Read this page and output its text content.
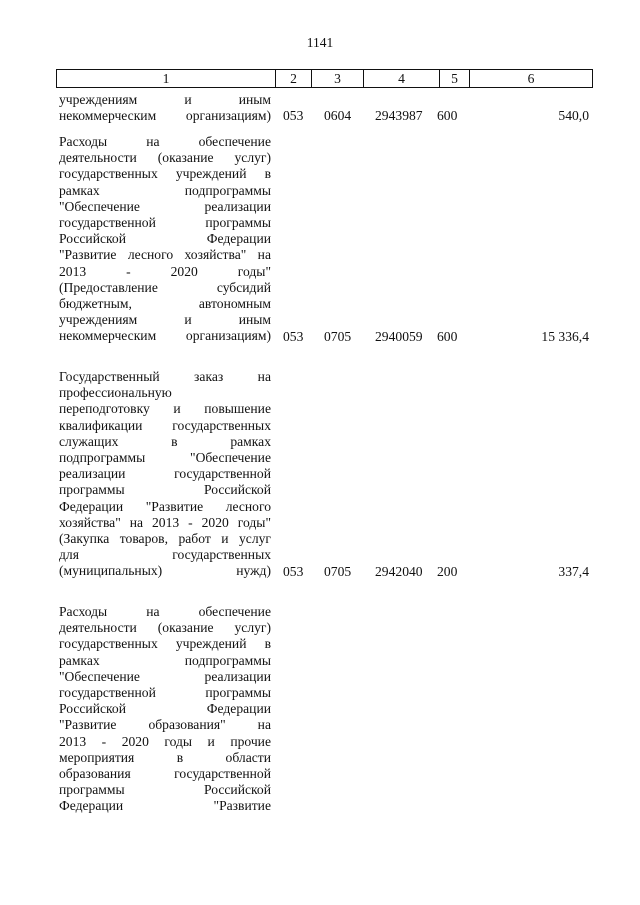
1141
1	2	3	4	5	6
учреждениям и иным
некоммерческим организациям) 053 0604 2943987 600	540,0
Расходы на обеспечение
деятельности (оказание услуг)
государственных учреждений в
рамках подпрограммы
"Обеспечение реализации
государственной программы
Российской Федерации
"Развитие лесного хозяйства" на
2013 - 2020 годы"
(Предоставление субсидий
бюджетным, автономным
учреждениям и иным
некоммерческим организациям) 053 0705 2940059 600	15 336,4
Государственный заказ на
профессиональную
переподготовку и повышение
квалификации государственных
служащих в рамках
подпрограммы "Обеспечение
реализации государственной
программы Российской
Федерации "Развитие лесного
хозяйства" на 2013 - 2020 годы"
(Закупка товаров, работ и услуг
для государственных
(муниципальных) нужд) 053 0705 2942040 200	337,4
Расходы на обеспечение
деятельности (оказание услуг)
государственных учреждений в
рамках подпрограммы
"Обеспечение реализации
государственной программы
Российской Федерации
"Развитие образования" на
2013 - 2020 годы и прочие
мероприятия в области
образования государственной
программы Российской
Федерации "Развитие
